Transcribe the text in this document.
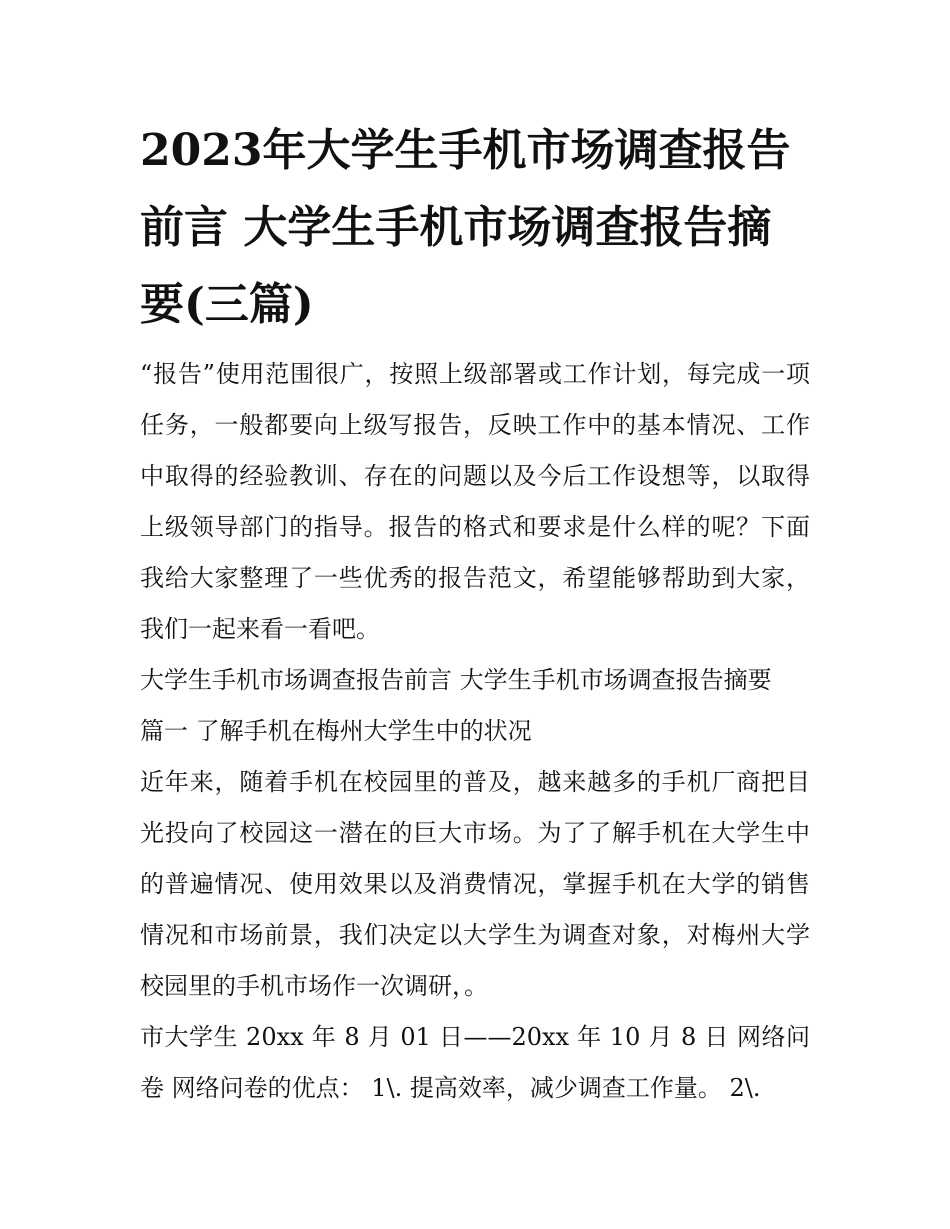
2023年大学生手机市场调查报告前言 大学生手机市场调查报告摘要(三篇)

“报告”使用范围很广，按照上级部署或工作计划，每完成一项任务，一般都要向上级写报告，反映工作中的基本情况、工作中取得的经验教训、存在的问题以及今后工作设想等，以取得上级领导部门的指导。报告的格式和要求是什么样的呢？下面我给大家整理了一些优秀的报告范文，希望能够帮助到大家，我们一起来看一看吧。

大学生手机市场调查报告前言 大学生手机市场调查报告摘要

篇一 了解手机在梅州大学生中的状况

近年来，随着手机在校园里的普及，越来越多的手机厂商把目光投向了校园这一潜在的巨大市场。为了了解手机在大学生中的普遍情况、使用效果以及消费情况，掌握手机在大学的销售情况和市场前景，我们决定以大学生为调查对象，对梅州大学校园里的手机市场作一次调研，。

市大学生 20xx 年 8 月 01 日——20xx 年 10 月 8 日 网络问卷 网络问卷的优点： 1\. 提高效率，减少调查工作量。 2\.
